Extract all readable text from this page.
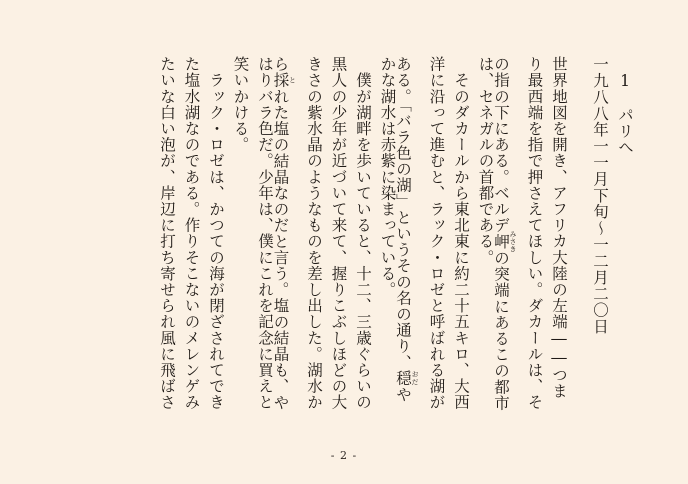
1　パリへ
一九八八年一一月下旬〜一二月二〇日
世界地図を開き、アフリカ大陸の左端――つま
り最西端を指で押さえてほしい。ダカールは、そ
の指の下にある。ベルデ岬 みさきの突端にあるこの都市
は、セネガルの首都である。
　そのダカールから東北東に約二十五キロ、大西
洋に沿って進むと、ラック・ロゼと呼ばれる湖が
ある。「バラ色の湖」というその名の通り、穏 おだや
かな湖水は赤紫に染まっている。
　僕が湖畔を歩いていると、十二、三歳ぐらいの
黒人の少年が近づいて来て、握りこぶしほどの大
きさの紫水晶のようなものを差し出した。湖水か
ら採 とれた塩の結晶なのだと言う。塩の結晶も、や
はりバラ色だ。少年は、僕にこれを記念に買えと
笑いかける。
　ラック・ロゼは、かつての海が閉ざされてでき
た塩水湖なのである。作りそこないのメレンゲみ
たいな白い泡が、岸辺に打ち寄せられ風に飛ばさ
- 2 -
